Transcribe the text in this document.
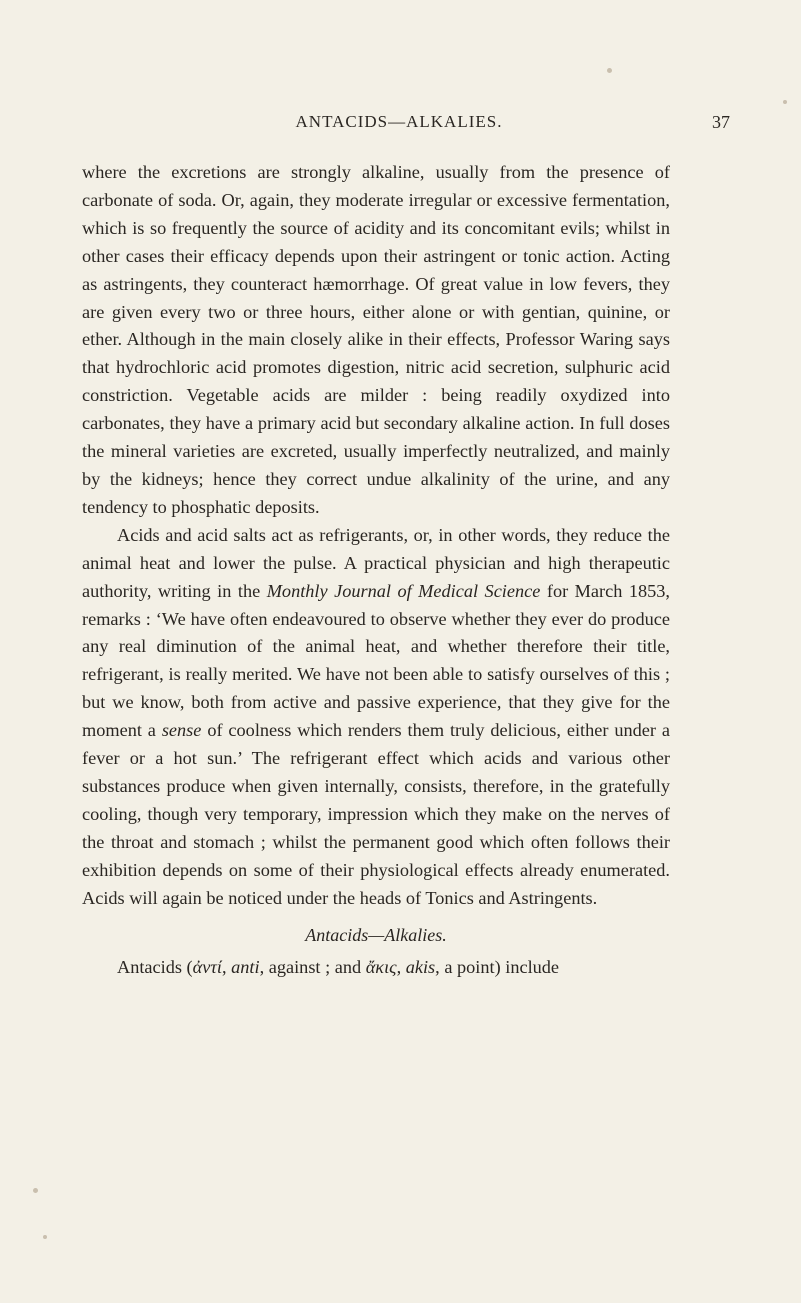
ANTACIDS—ALKALIES.	37

where the excretions are strongly alkaline, usually from the presence of carbonate of soda. Or, again, they moderate irregular or excessive fermentation, which is so frequently the source of acidity and its concomitant evils; whilst in other cases their efficacy depends upon their astringent or tonic action. Acting as astringents, they counteract hæmorrhage. Of great value in low fevers, they are given every two or three hours, either alone or with gentian, quinine, or ether. Although in the main closely alike in their effects, Professor Waring says that hydrochloric acid promotes digestion, nitric acid secretion, sulphuric acid constriction. Vegetable acids are milder : being readily oxydized into carbonates, they have a primary acid but secondary alkaline action. In full doses the mineral varieties are excreted, usually imperfectly neutralized, and mainly by the kidneys; hence they correct undue alkalinity of the urine, and any tendency to phosphatic deposits.

Acids and acid salts act as refrigerants, or, in other words, they reduce the animal heat and lower the pulse. A practical physician and high therapeutic authority, writing in the Monthly Journal of Medical Science for March 1853, remarks : ‘We have often endeavoured to observe whether they ever do produce any real diminution of the animal heat, and whether therefore their title, refrigerant, is really merited. We have not been able to satisfy ourselves of this ; but we know, both from active and passive experience, that they give for the moment a sense of coolness which renders them truly delicious, either under a fever or a hot sun.’ The refrigerant effect which acids and various other substances produce when given internally, consists, therefore, in the gratefully cooling, though very temporary, impression which they make on the nerves of the throat and stomach ; whilst the permanent good which often follows their exhibition depends on some of their physiological effects already enumerated. Acids will again be noticed under the heads of Tonics and Astringents.

Antacids—Alkalies.

Antacids (ἀντί, anti, against ; and ἄκις, akis, a point) include
